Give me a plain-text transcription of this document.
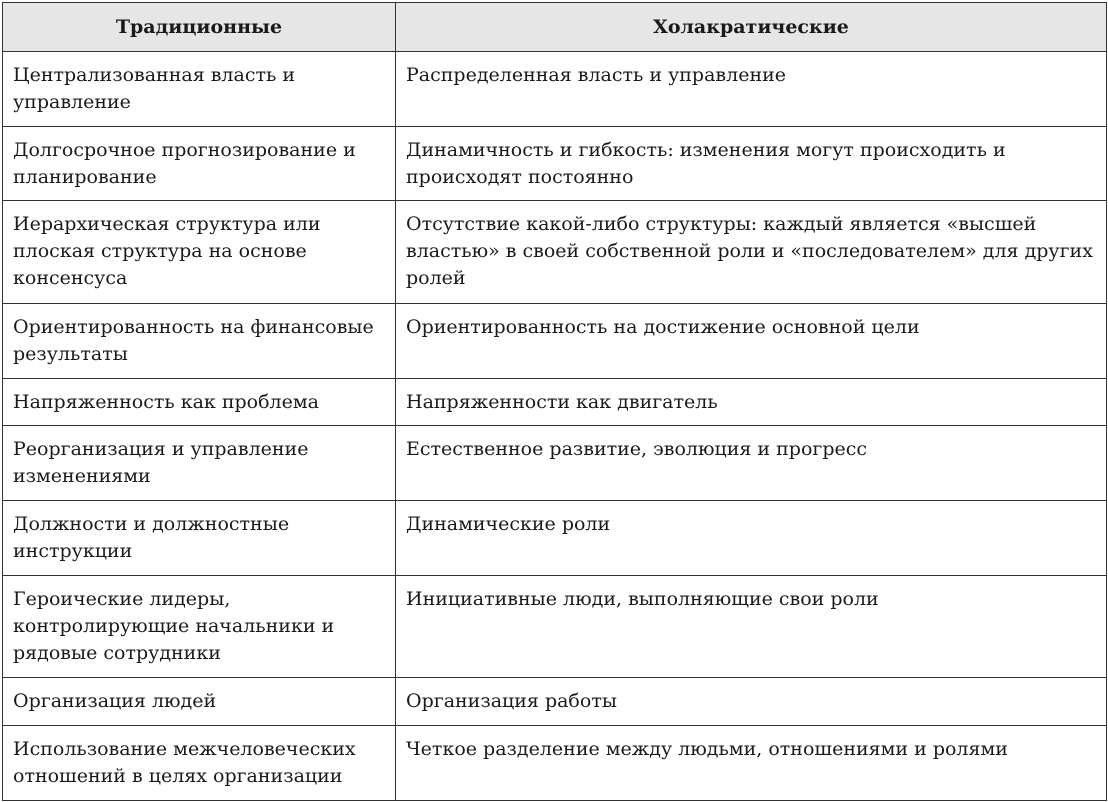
Традиционные	Холакратические
Централизованная власть и управление	Распределенная власть и управление
Долгосрочное прогнозирование и планирование	Динамичность и гибкость: изменения могут происходить и происходят постоянно
Иерархическая структура или плоская структура на основе консенсуса	Отсутствие какой-либо структуры: каждый является «высшей властью» в своей собственной роли и «последователем» для других ролей
Ориентированность на финансовые результаты	Ориентированность на достижение основной цели
Напряженность как проблема	Напряженности как двигатель
Реорганизация и управление изменениями	Естественное развитие, эволюция и прогресс
Должности и должностные инструкции	Динамические роли
Героические лидеры, контролирующие начальники и рядовые сотрудники	Инициативные люди, выполняющие свои роли
Организация людей	Организация работы
Использование межчеловеческих отношений в целях организации	Четкое разделение между людьми, отношениями и ролями
